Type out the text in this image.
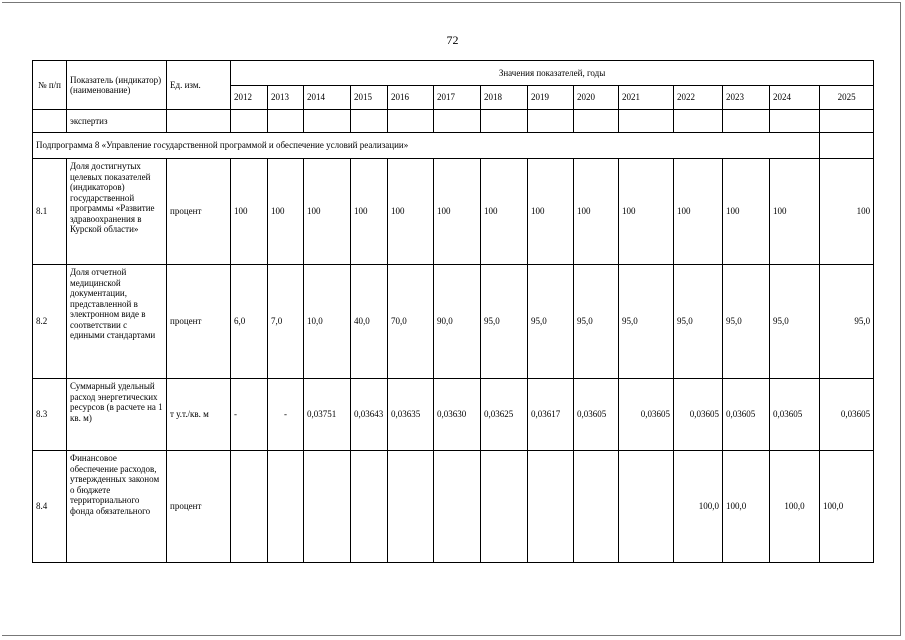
72
№ п/п	Показатель (индикатор) (наименование)	Ед. изм.	Значения показателей, годы													
			2012	2013	2014	2015	2016	2017	2018	2019	2020	2021	2022	2023	2024	2025
	экспертиз															
Подпрограмма 8 «Управление государственной программой и обеспечение условий реализации»																
8.1	Доля достигнутых целевых показателей (индикаторов) государственной программы «Развитие здравоохранения в Курской области»	процент	100	100	100	100	100	100	100	100	100	100	100	100	100	100
8.2	Доля отчетной медицинской документации, представленной в электронном виде в соответствии с едиными стандартами	процент	6,0	7,0	10,0	40,0	70,0	90,0	95,0	95,0	95,0	95,0	95,0	95,0	95,0	95,0
8.3	Суммарный удельный расход энергетических ресурсов (в расчете на 1 кв. м)	т у.т./кв. м	-	-	0,03751	0,03643	0,03635	0,03630	0,03625	0,03617	0,03605	0,03605	0,03605	0,03605	0,03605	0,03605
8.4	Финансовое обеспечение расходов, утвержденных законом о бюджете территориального фонда обязательного	процент											100,0	100,0	100,0	100,0
